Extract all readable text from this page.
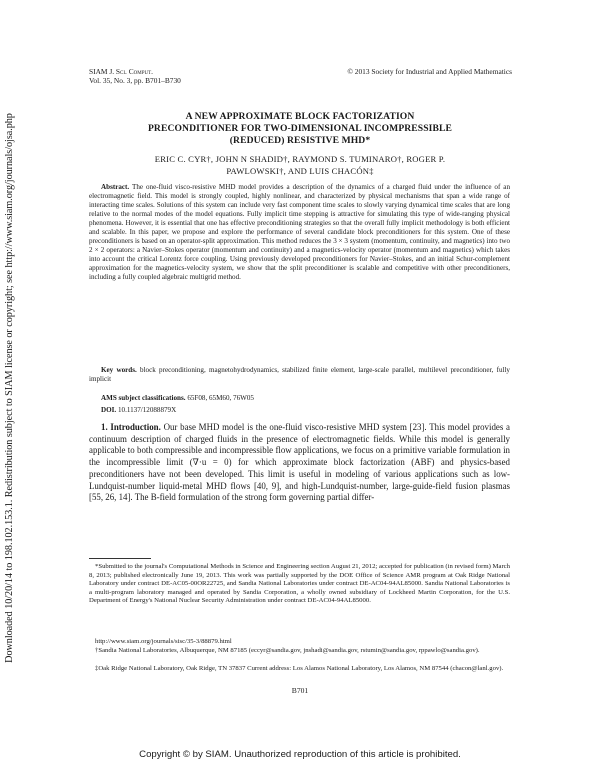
Downloaded 10/20/14 to 198.102.153.1. Redistribution subject to SIAM license or copyright; see http://www.siam.org/journals/ojsa.php
SIAM J. Sci. Comput.
Vol. 35, No. 3, pp. B701–B730
© 2013 Society for Industrial and Applied Mathematics
A NEW APPROXIMATE BLOCK FACTORIZATION
PRECONDITIONER FOR TWO-DIMENSIONAL INCOMPRESSIBLE
(REDUCED) RESISTIVE MHD*
ERIC C. CYR†, JOHN N SHADID†, RAYMOND S. TUMINARO†, ROGER P.
PAWLOWSKI†, AND LUIS CHACÓN‡
Abstract. The one-fluid visco-resistive MHD model provides a description of the dynamics of a charged fluid under the influence of an electromagnetic field. This model is strongly coupled, highly nonlinear, and characterized by physical mechanisms that span a wide range of interacting time scales. Solutions of this system can include very fast component time scales to slowly varying dynamical time scales that are long relative to the normal modes of the model equations. Fully implicit time stepping is attractive for simulating this type of wide-ranging physical phenomena. However, it is essential that one has effective preconditioning strategies so that the overall fully implicit methodology is both efficient and scalable. In this paper, we propose and explore the performance of several candidate block preconditioners for this system. One of these preconditioners is based on an operator-split approximation. This method reduces the 3 × 3 system (momentum, continuity, and magnetics) into two 2 × 2 operators: a Navier–Stokes operator (momentum and continuity) and a magnetics-velocity operator (momentum and magnetics) which takes into account the critical Lorentz force coupling. Using previously developed preconditioners for Navier–Stokes, and an initial Schur-complement approximation for the magnetics-velocity system, we show that the split preconditioner is scalable and competitive with other preconditioners, including a fully coupled algebraic multigrid method.
Key words. block preconditioning, magnetohydrodynamics, stabilized finite element, large-scale parallel, multilevel preconditioner, fully implicit
AMS subject classifications. 65F08, 65M60, 76W05
DOI. 10.1137/12088879X
1. Introduction. Our base MHD model is the one-fluid visco-resistive MHD system [23]. This model provides a continuum description of charged fluids in the presence of electromagnetic fields. While this model is generally applicable to both compressible and incompressible flow applications, we focus on a primitive variable formulation in the incompressible limit (∇·u = 0) for which approximate block factorization (ABF) and physics-based preconditioners have not been developed. This limit is useful in modeling of various applications such as low-Lundquist-number liquid-metal MHD flows [40, 9], and high-Lundquist-number, large-guide-field fusion plasmas [55, 26, 14]. The B-field formulation of the strong form governing partial differ-
*Submitted to the journal's Computational Methods in Science and Engineering section August 21, 2012; accepted for publication (in revised form) March 8, 2013; published electronically June 19, 2013. This work was partially supported by the DOE Office of Science AMR program at Oak Ridge National Laboratory under contract DE-AC05-00OR22725, and Sandia National Laboratories under contract DE-AC04-94AL85000. Sandia National Laboratories is a multi-program laboratory managed and operated by Sandia Corporation, a wholly owned subsidiary of Lockheed Martin Corporation, for the U.S. Department of Energy's National Nuclear Security Administration under contract DE-AC04-94AL85000.
http://www.siam.org/journals/sisc/35-3/88879.html
†Sandia National Laboratories, Albuquerque, NM 87185 (eccyr@sandia.gov, jnshadi@sandia.gov, rstumin@sandia.gov, rppawlo@sandia.gov).
‡Oak Ridge National Laboratory, Oak Ridge, TN 37837 Current address: Los Alamos National Laboratory, Los Alamos, NM 87544 (chacon@lanl.gov).
B701
Copyright © by SIAM. Unauthorized reproduction of this article is prohibited.
